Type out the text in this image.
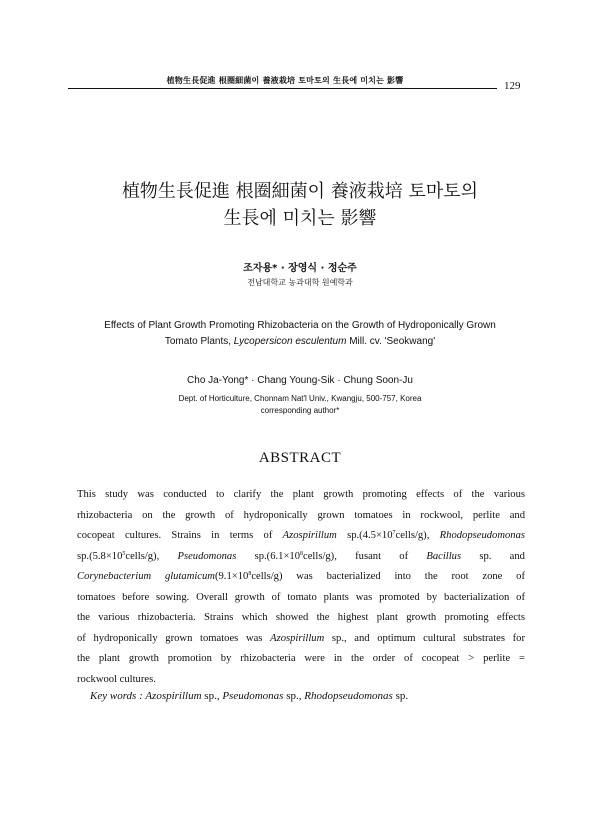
植物生長促進 根圈細菌이 養液栽培 토마토의 生長에 미치는 影響	129
植物生長促進 根圈細菌이 養液栽培 토마토의
生長에 미치는 影響
조자용* · 장영식 · 정순주
전남대학교 농과대학 원예학과
Effects of Plant Growth Promoting Rhizobacteria on the Growth of Hydroponically Grown
Tomato Plants, Lycopersicon esculentum Mill. cv. 'Seokwang'
Cho Ja-Yong* · Chang Young-Sik · Chung Soon-Ju
Dept. of Horticulture, Chonnam Nat'l Univ., Kwangju, 500-757, Korea
corresponding author*
ABSTRACT
This study was conducted to clarify the plant growth promoting effects of the various
rhizobacteria on the growth of hydroponically grown tomatoes in rockwool, perlite and
cocopeat cultures. Strains in terms of Azospirillum $sp.(4.5\times 10^7cells/g)$, Rhodopseudomonas
$sp.(5.8\times 10^5cells/g)$, Pseudomonas $sp.(6.1\times 10^8cells/g)$, fusant of Bacillus sp. and
Corynebacterium $glutamicum(9.1\times 10^8cells/g)$ was bacterialized into the root zone of
tomatoes before sowing. Overall growth of tomato plants was promoted by bacterialization of
the various rhizobacteria. Strains which showed the highest plant growth promoting effects
of hydroponically grown tomatoes was Azospirillum sp., and optimum cultural substrates for
the plant growth promotion by rhizobacteria were in the order of cocopeat > perlite =
rockwool cultures.
Key words : Azospirillum sp., Pseudomonas sp., Rhodopseudomonas sp.
